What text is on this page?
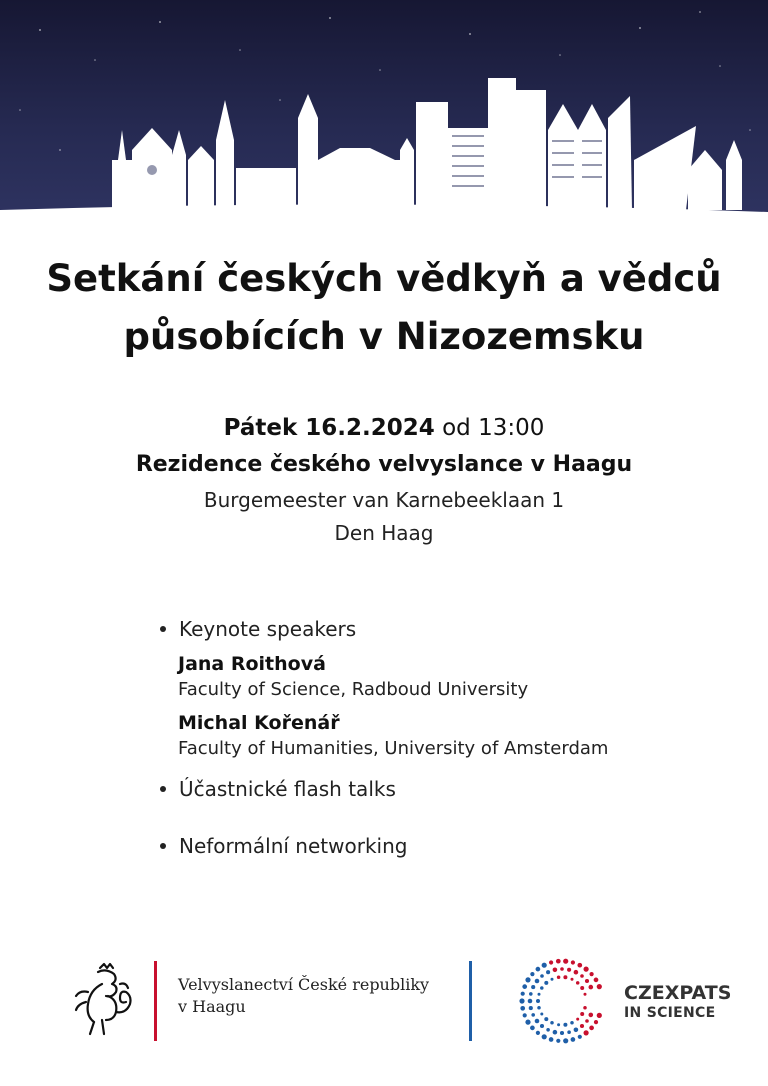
Setkání českých vědkyň a vědců
působících v Nizozemsku
Pátek 16.2.2024 od 13:00
Rezidence českého velvyslance v Haagu
Burgemeester van Karnebeeklaan 1
Den Haag
Keynote speakers
Jana Roithová
Faculty of Science, Radboud University
Michal Kořenář
Faculty of Humanities, University of Amsterdam
Účastnické flash talks
Neformální networking
Velvyslanectví České republiky
v Haagu
CZEXPATS
IN SCIENCE
